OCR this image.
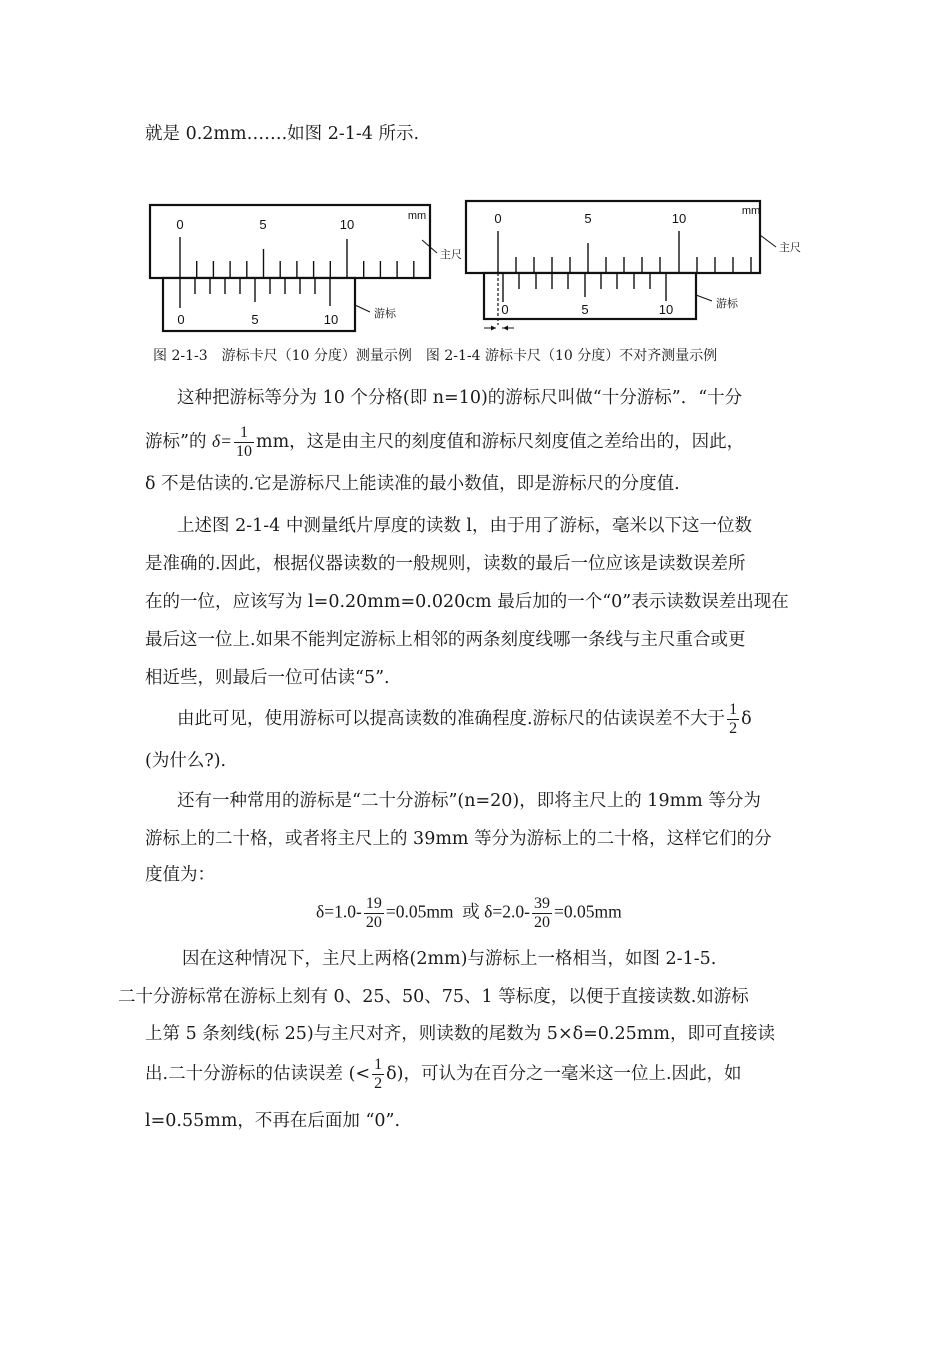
就是 0.2mm…….如图 2-1-4 所示.
0	5	10
mm
主尺
0	5	10	游标
0	5	10	mm
主尺
0	5	10	游标
图 2-1-3　游标卡尺（10 分度）测量示例　图 2-1-4 游标卡尺（10 分度）不对齐测量示例
这种把游标等分为 10 个分格(即 n=10)的游标尺叫做“十分游标”．“十分
游标”的 $\delta= \frac{1}{10}$ mm，这是由主尺的刻度值和游标尺刻度值之差给出的，因此，
δ 不是估读的.它是游标尺上能读准的最小数值，即是游标尺的分度值.
上述图 2-1-4 中测量纸片厚度的读数 l，由于用了游标，毫米以下这一位数
是准确的.因此，根据仪器读数的一般规则，读数的最后一位应该是读数误差所
在的一位，应该写为 l=0.20mm=0.020cm 最后加的一个“0”表示读数误差出现在
最后这一位上.如果不能判定游标上相邻的两条刻度线哪一条线与主尺重合或更
相近些，则最后一位可估读“5”.
由此可见，使用游标可以提高读数的准确程度.游标尺的估读误差不大于 $\frac{1}{2}$ δ
(为什么?).
还有一种常用的游标是“二十分游标”(n=20)，即将主尺上的 19mm 等分为
游标上的二十格，或者将主尺上的 39mm 等分为游标上的二十格，这样它们的分
度值为：
$\delta=1.0- \frac{19}{20} =0.05mm$  或 $\delta=2.0- \frac{39}{20} =0.05mm$
因在这种情况下，主尺上两格(2mm)与游标上一格相当，如图 2-1-5.
二十分游标常在游标上刻有 0、25、50、75、1 等标度，以便于直接读数.如游标
上第 5 条刻线(标 25)与主尺对齐，则读数的尾数为 5×δ=0.25mm，即可直接读
出.二十分游标的估读误差 (< $\frac{1}{2} \delta$)，可认为在百分之一毫米这一位上.因此，如
l=0.55mm，不再在后面加 “0”.
